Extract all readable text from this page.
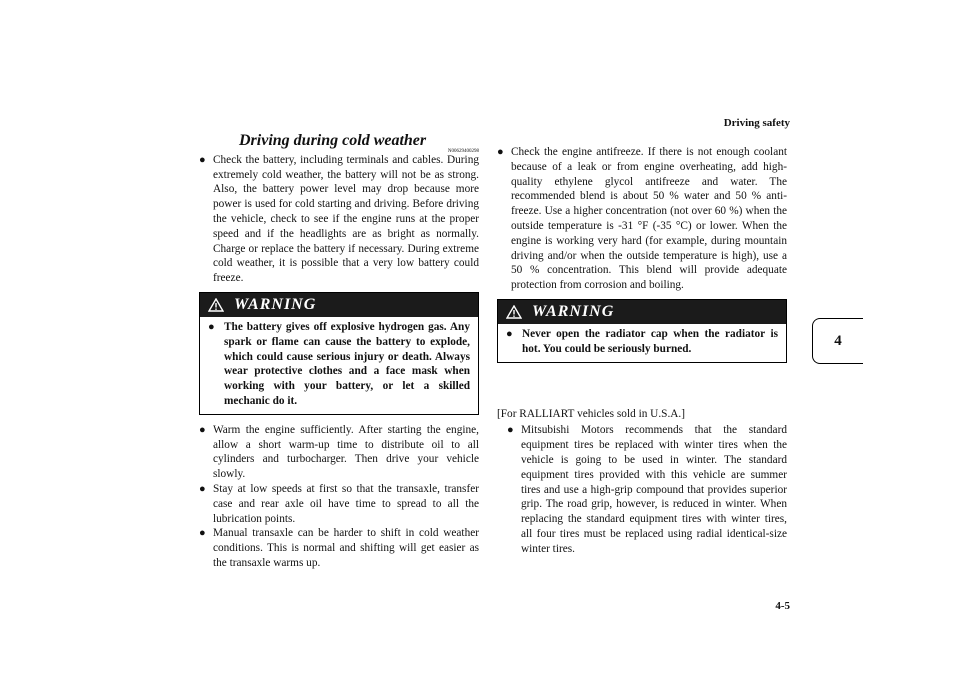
Driving safety
4-5
4
Driving during cold weather
N00629400298

● Check the battery, including terminals and cables. During extremely cold weather, the battery will not be as strong. Also, the battery power level may drop because more power is used for cold starting and driving. Before driving the vehicle, check to see if the engine runs at the proper speed and if the headlights are as bright as normally. Charge or replace the battery if necessary. During extreme cold weather, it is possible that a very low battery could freeze.

WARNING

● The battery gives off explosive hydrogen gas. Any spark or flame can cause the battery to explode, which could cause serious injury or death. Always wear protective clothes and a face mask when working with your battery, or let a skilled mechanic do it.

● Warm the engine sufficiently. After starting the engine, allow a short warm-up time to distribute oil to all cylinders and turbocharger. Then drive your vehicle slowly.

● Stay at low speeds at first so that the transaxle, transfer case and rear axle oil have time to spread to all the lubrication points.

● Manual transaxle can be harder to shift in cold weather conditions. This is normal and shifting will get easier as the transaxle warms up.

● Check the engine antifreeze. If there is not enough coolant because of a leak or from engine overheating, add high-quality ethylene glycol antifreeze and water. The recommended blend is about 50 % water and 50 % anti-freeze. Use a higher concentration (not over 60 %) when the outside temperature is -31 °F (-35 °C) or lower. When the engine is working very hard (for example, during mountain driving and/or when the outside temperature is high), use a 50 % concentration. This blend will provide adequate protection from corrosion and boiling.

WARNING

● Never open the radiator cap when the radiator is hot. You could be seriously burned.

[For RALLIART vehicles sold in U.S.A.]

● Mitsubishi Motors recommends that the standard equipment tires be replaced with winter tires when the vehicle is going to be used in winter. The standard equipment tires provided with this vehicle are summer tires and use a high-grip compound that provides superior grip. The road grip, however, is reduced in winter. When replacing the standard equipment tires with winter tires, all four tires must be replaced using radial identical-size winter tires.
